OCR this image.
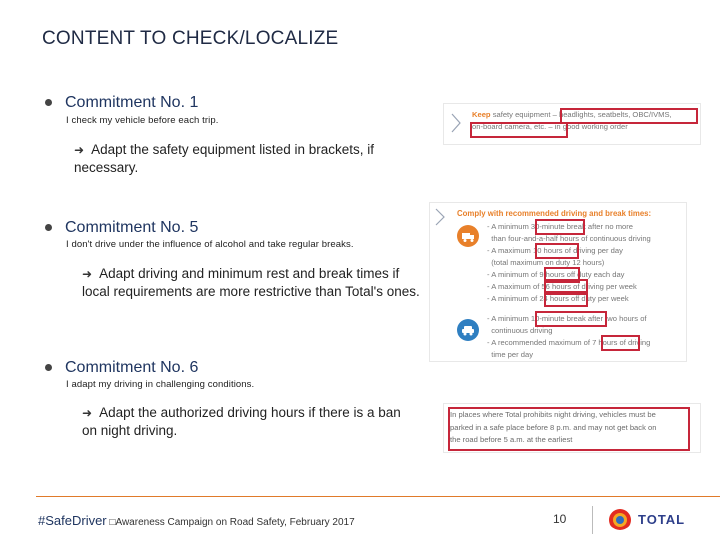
CONTENT TO CHECK/LOCALIZE
Commitment No. 1
I check my vehicle before each trip.
➜ Adapt the safety equipment listed in brackets, if necessary.
Commitment No. 5
I don't drive under the influence of alcohol and take regular breaks.
➜ Adapt driving and minimum rest and break times if local requirements are more restrictive than Total's ones.
Commitment No. 6
I adapt my driving in challenging conditions.
➜ Adapt the authorized driving hours if there is a ban on night driving.
Keep safety equipment – headlights, seatbelts, OBC/IVMS,
on-board camera, etc. – in good working order
Comply with recommended driving and break times:
- A minimum 30-minute break after no more
than four-and-a-half hours of continuous driving
- A maximum 10 hours of driving per day
(total maximum on duty 12 hours)
- A minimum of 9 hours off duty each day
- A maximum of 56 hours of driving per week
- A minimum of 24 hours off duty per week
- A minimum 10-minute break after two hours of
continuous driving
- A recommended maximum of 7 hours of driving
time per day
In places where Total prohibits night driving, vehicles must be
parked in a safe place before 8 p.m. and may not get back on
the road before 5 a.m. at the earliest
#SafeDriver □Awareness Campaign on Road Safety, February 2017	10	TOTAL
